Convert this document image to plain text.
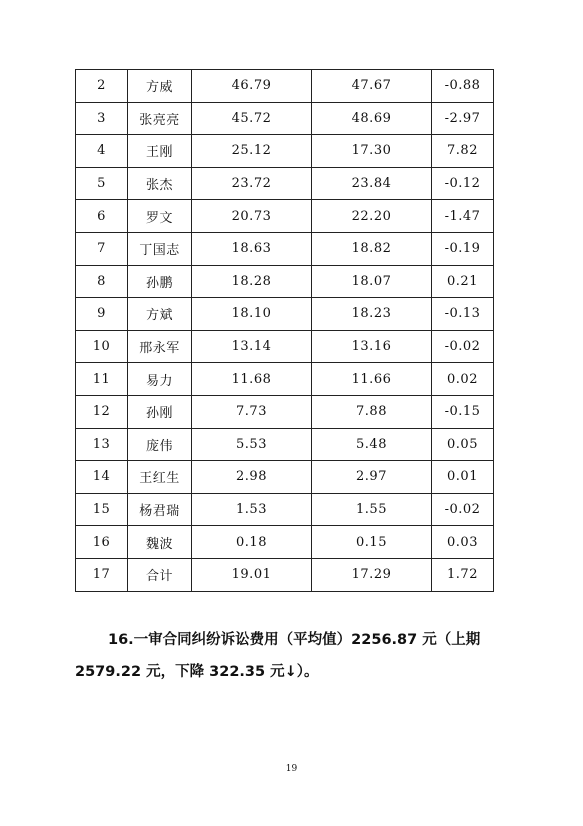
2	方威	46.79	47.67	-0.88
3	张亮亮	45.72	48.69	-2.97
4	王刚	25.12	17.30	7.82
5	张杰	23.72	23.84	-0.12
6	罗文	20.73	22.20	-1.47
7	丁国志	18.63	18.82	-0.19
8	孙鹏	18.28	18.07	0.21
9	方斌	18.10	18.23	-0.13
10	邢永军	13.14	13.16	-0.02
11	易力	11.68	11.66	0.02
12	孙刚	7.73	7.88	-0.15
13	庞伟	5.53	5.48	0.05
14	王红生	2.98	2.97	0.01
15	杨君瑞	1.53	1.55	-0.02
16	魏波	0.18	0.15	0.03
17	合计	19.01	17.29	1.72
16.一审合同纠纷诉讼费用（平均值）2256.87 元（上期
2579.22 元，下降 322.35 元↓）。
19
